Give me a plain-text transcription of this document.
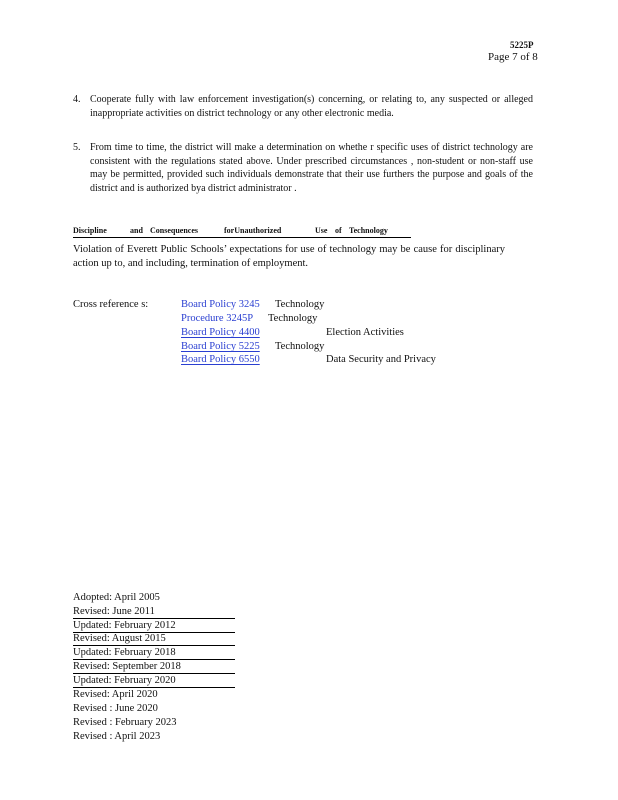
5225P
Page 7 of 8
4. Cooperate fully with law enforcement investigation(s) concerning, or relating to, any suspected or alleged inappropriate activities on district technology or any other electronic media.
5. From time to time, the district will make a determination on whethe r specific uses of district technology are consistent with the regulations stated above. Under prescribed circumstances , non-student or non-staff use may be permitted, provided such individuals demonstrate that their use furthers the purpose and goals of the district and is authorized bya district administrator .
Discipline	and Consequences	forUnauthorized	Use of Technology
Violation of Everett Public Schools’ expectations for use of technology may be cause for disciplinary action up to, and including, termination of employment.
Cross reference s:	Board Policy 3245 Technology
Procedure 3245P Technology
Board Policy 4400	Election Activities
Board Policy 5225 Technology
Board Policy 6550	Data Security and Privacy
Adopted: April 2005
Revised: June 2011
Updated: February 2012
Revised: August 2015
Updated: February 2018
Revised: September 2018
Updated: February 2020
Revised: April 2020
Revised : June 2020
Revised : February 2023
Revised : April 2023
